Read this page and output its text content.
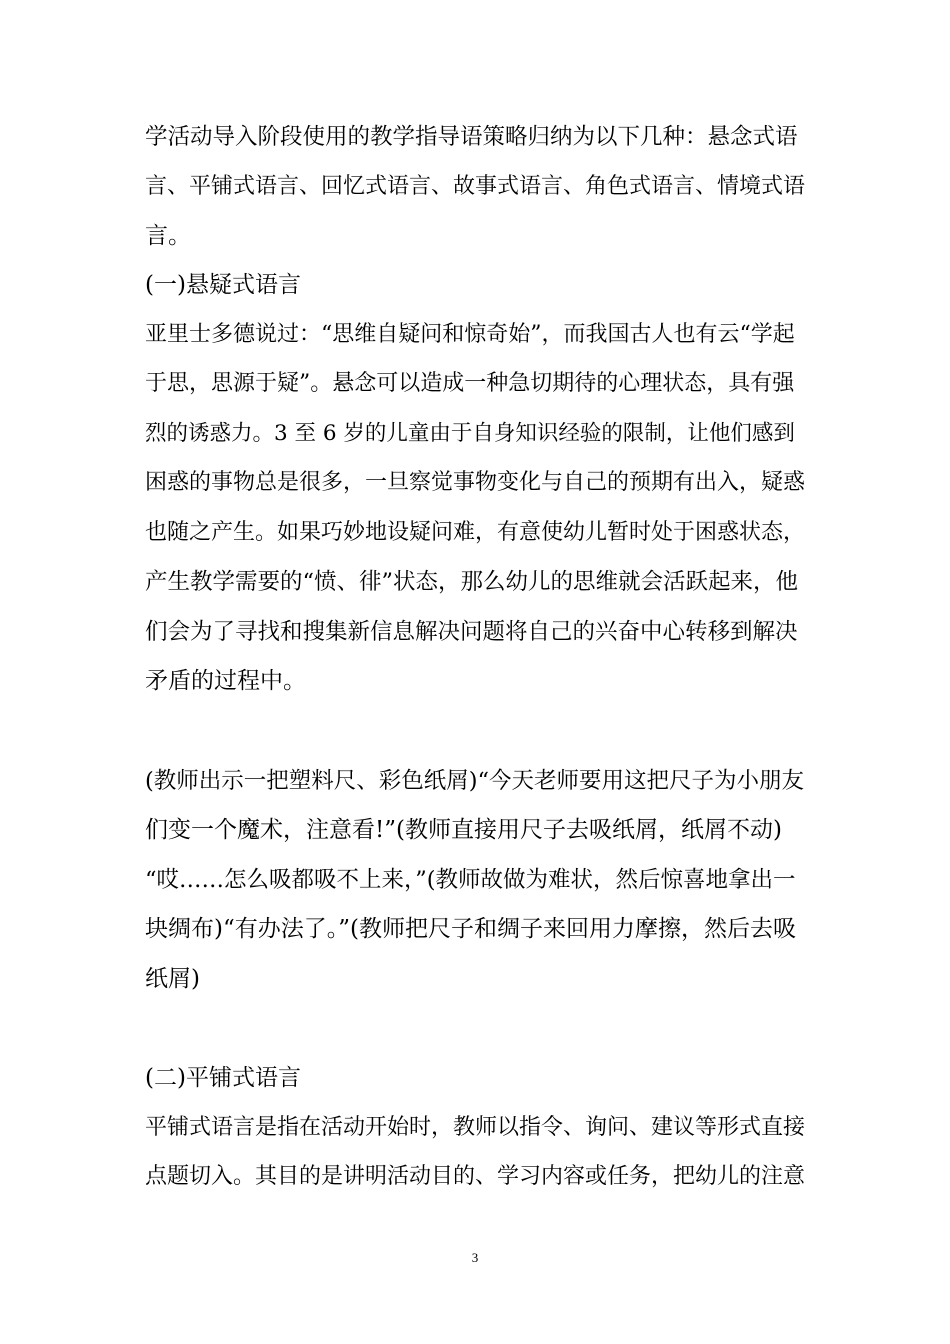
学活动导入阶段使用的教学指导语策略归纳为以下几种：悬念式语
言、平铺式语言、回忆式语言、故事式语言、角色式语言、情境式语
言。
(一)悬疑式语言
亚里士多德说过：“思维自疑问和惊奇始”，而我国古人也有云“学起
于思，思源于疑”。悬念可以造成一种急切期待的心理状态，具有强
烈的诱惑力。3 至 6 岁的儿童由于自身知识经验的限制，让他们感到
困惑的事物总是很多，一旦察觉事物变化与自己的预期有出入，疑惑
也随之产生。如果巧妙地设疑问难，有意使幼儿暂时处于困惑状态，
产生教学需要的“愤、徘”状态，那么幼儿的思维就会活跃起来，他
们会为了寻找和搜集新信息解决问题将自己的兴奋中心转移到解决
矛盾的过程中。
(教师出示一把塑料尺、彩色纸屑)“今天老师要用这把尺子为小朋友
们变一个魔术，注意看!”(教师直接用尺子去吸纸屑，纸屑不动)
“哎……怎么吸都吸不上来，”(教师故做为难状，然后惊喜地拿出一
块绸布)“有办法了。”(教师把尺子和绸子来回用力摩擦，然后去吸
纸屑)
(二)平铺式语言
平铺式语言是指在活动开始时，教师以指令、询问、建议等形式直接
点题切入。其目的是讲明活动目的、学习内容或任务，把幼儿的注意
3
